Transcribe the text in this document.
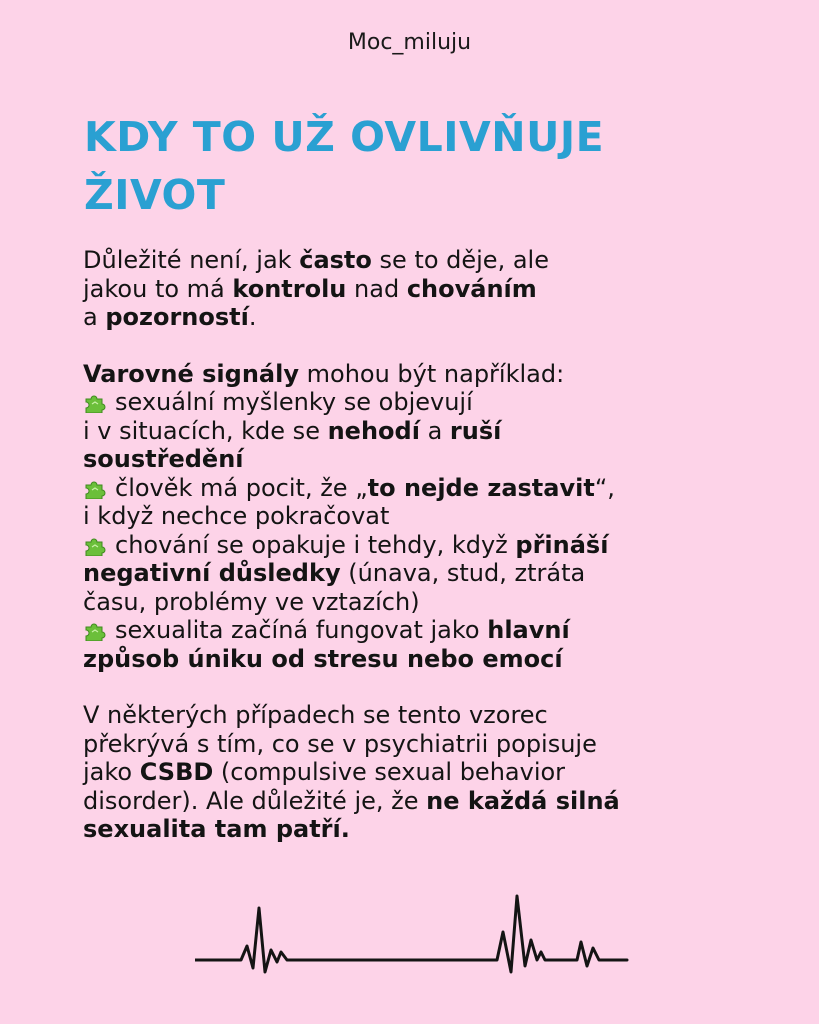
Moc_miluju
KDY TO UŽ OVLIVŇUJE
ŽIVOT
Důležité není, jak často se to děje, ale
jakou to má kontrolu nad chováním
a pozorností.
Varovné signály mohou být například:
sexuální myšlenky se objevují
i v situacích, kde se nehodí a ruší
soustředění
člověk má pocit, že „to nejde zastavit“,
i když nechce pokračovat
chování se opakuje i tehdy, když přináší
negativní důsledky (únava, stud, ztráta
času, problémy ve vztazích)
sexualita začíná fungovat jako hlavní
způsob úniku od stresu nebo emocí
V některých případech se tento vzorec
překrývá s tím, co se v psychiatrii popisuje
jako CSBD (compulsive sexual behavior
disorder). Ale důležité je, že ne každá silná
sexualita tam patří.
